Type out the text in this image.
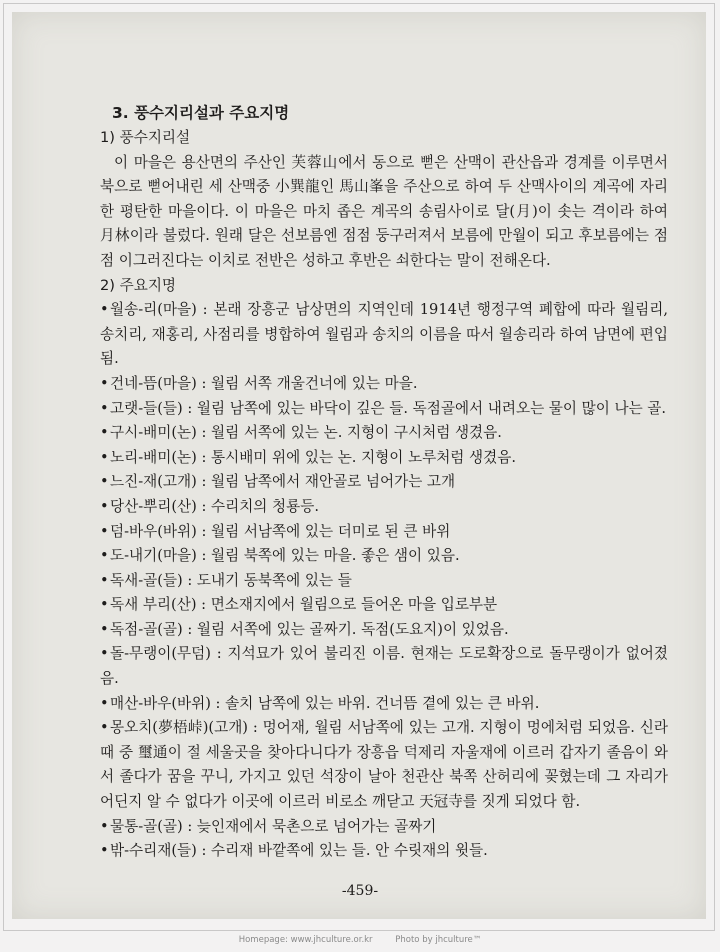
3. 풍수지리설과 주요지명
1) 풍수지리설

이 마을은 용산면의 주산인 芙蓉山에서 동으로 뻗은 산맥이 관산읍과 경계를 이루면서 북으로 뻗어내린 세 산맥중 小巽龍인 馬山峯을 주산으로 하여 두 산맥사이의 계곡에 자리한 평탄한 마을이다. 이 마을은 마치 좁은 계곡의 송림사이로 달(月)이 솟는 격이라 하여 月林이라 불렀다. 원래 달은 선보름엔 점점 둥구러져서 보름에 만월이 되고 후보름에는 점점 이그러진다는 이치로 전반은 성하고 후반은 쇠한다는 말이 전해온다.

2) 주요지명

•월송-리(마을) : 본래 장흥군 남상면의 지역인데 1914년 행정구역 폐합에 따라 월림리, 송치리, 재홍리, 사점리를 병합하여 월림과 송치의 이름을 따서 월송리라 하여 남면에 편입됨.

•건네-뜸(마을) : 월림 서쪽 개울건너에 있는 마을.

•고랫-들(들) : 월림 남쪽에 있는 바닥이 깊은 들. 독점골에서 내려오는 물이 많이 나는 골.

•구시-배미(논) : 월림 서쪽에 있는 논. 지형이 구시처럼 생겼음.

•노리-배미(논) : 통시배미 위에 있는 논. 지형이 노루처럼 생겼음.

•느진-재(고개) : 월림 남쪽에서 재안골로 넘어가는 고개

•당산-뿌리(산) : 수리치의 청룡등.

•덤-바우(바위) : 월림 서남쪽에 있는 더미로 된 큰 바위

•도-내기(마을) : 월림 북쪽에 있는 마을. 좋은 샘이 있음.

•독새-골(들) : 도내기 동북쪽에 있는 들

•독새 부리(산) : 면소재지에서 월림으로 들어온 마을 입로부분

•독점-골(골) : 월림 서쪽에 있는 골짜기. 독점(도요지)이 있었음.

•돌-무랭이(무덤) : 지석묘가 있어 불리진 이름. 현재는 도로확장으로 돌무랭이가 없어졌음.

•매산-바우(바위) : 솔치 남쪽에 있는 바위. 건너뜸 곁에 있는 큰 바위.

•몽오치(夢梧峠)(고개) : 멍어재, 월림 서남쪽에 있는 고개. 지형이 멍에처럼 되었음. 신라때 중 璽通이 절 세울곳을 찾아다니다가 장흥읍 덕제리 자울재에 이르러 갑자기 졸음이 와서 졸다가 꿈을 꾸니, 가지고 있던 석장이 날아 천관산 북쪽 산허리에 꽂혔는데 그 자리가 어딘지 알 수 없다가 이곳에 이르러 비로소 깨닫고 天冠寺를 짓게 되었다 함.

•물통-골(골) : 늦인재에서 묵촌으로 넘어가는 골짜기

•밖-수리재(들) : 수리재 바깥쪽에 있는 들. 안 수릿재의 윗들.

-459-
Homepage: www.jhculture.or.kr	Photo by jhculture™
